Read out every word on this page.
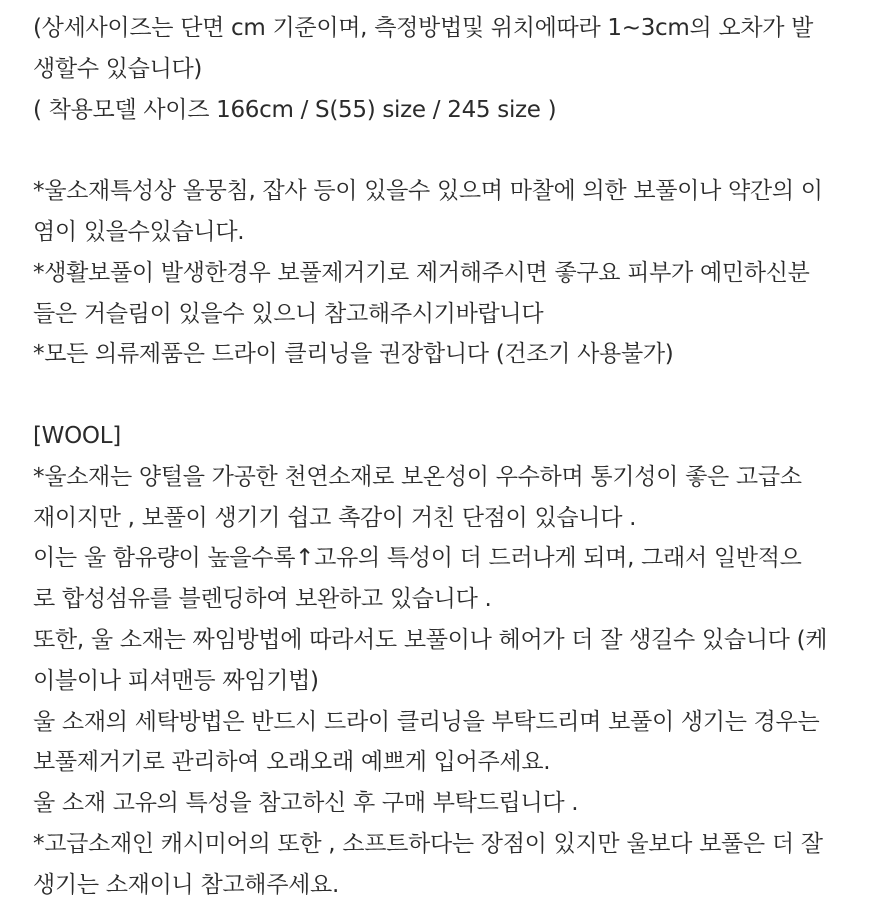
(상세사이즈는 단면 cm 기준이며, 측정방법및 위치에따라 1~3cm의 오차가 발
생할수 있습니다)
( 착용모델 사이즈 166cm / S(55) size / 245 size )
*울소재특성상 올뭉침, 잡사 등이 있을수 있으며 마찰에 의한 보풀이나 약간의 이
염이 있을수있습니다.
*생활보풀이 발생한경우 보풀제거기로 제거해주시면 좋구요 피부가 예민하신분
들은 거슬림이 있을수 있으니 참고해주시기바랍니다
*모든 의류제품은 드라이 클리닝을 권장합니다 (건조기 사용불가)
[WOOL]
*울소재는 양털을 가공한 천연소재로 보온성이 우수하며 통기성이 좋은 고급소
재이지만 , 보풀이 생기기 쉽고 촉감이 거친 단점이 있습니다 .
이는 울 함유량이 높을수록↑고유의 특성이 더 드러나게 되며, 그래서 일반적으
로 합성섬유를 블렌딩하여 보완하고 있습니다 .
또한, 울 소재는 짜임방법에 따라서도 보풀이나 헤어가 더 잘 생길수 있습니다 (케
이블이나 피셔맨등 짜임기법)
울 소재의 세탁방법은 반드시 드라이 클리닝을 부탁드리며 보풀이 생기는 경우는
보풀제거기로 관리하여 오래오래 예쁘게 입어주세요.
울 소재 고유의 특성을 참고하신 후 구매 부탁드립니다 .
*고급소재인 캐시미어의 또한 , 소프트하다는 장점이 있지만 울보다 보풀은 더 잘
생기는 소재이니 참고해주세요.
